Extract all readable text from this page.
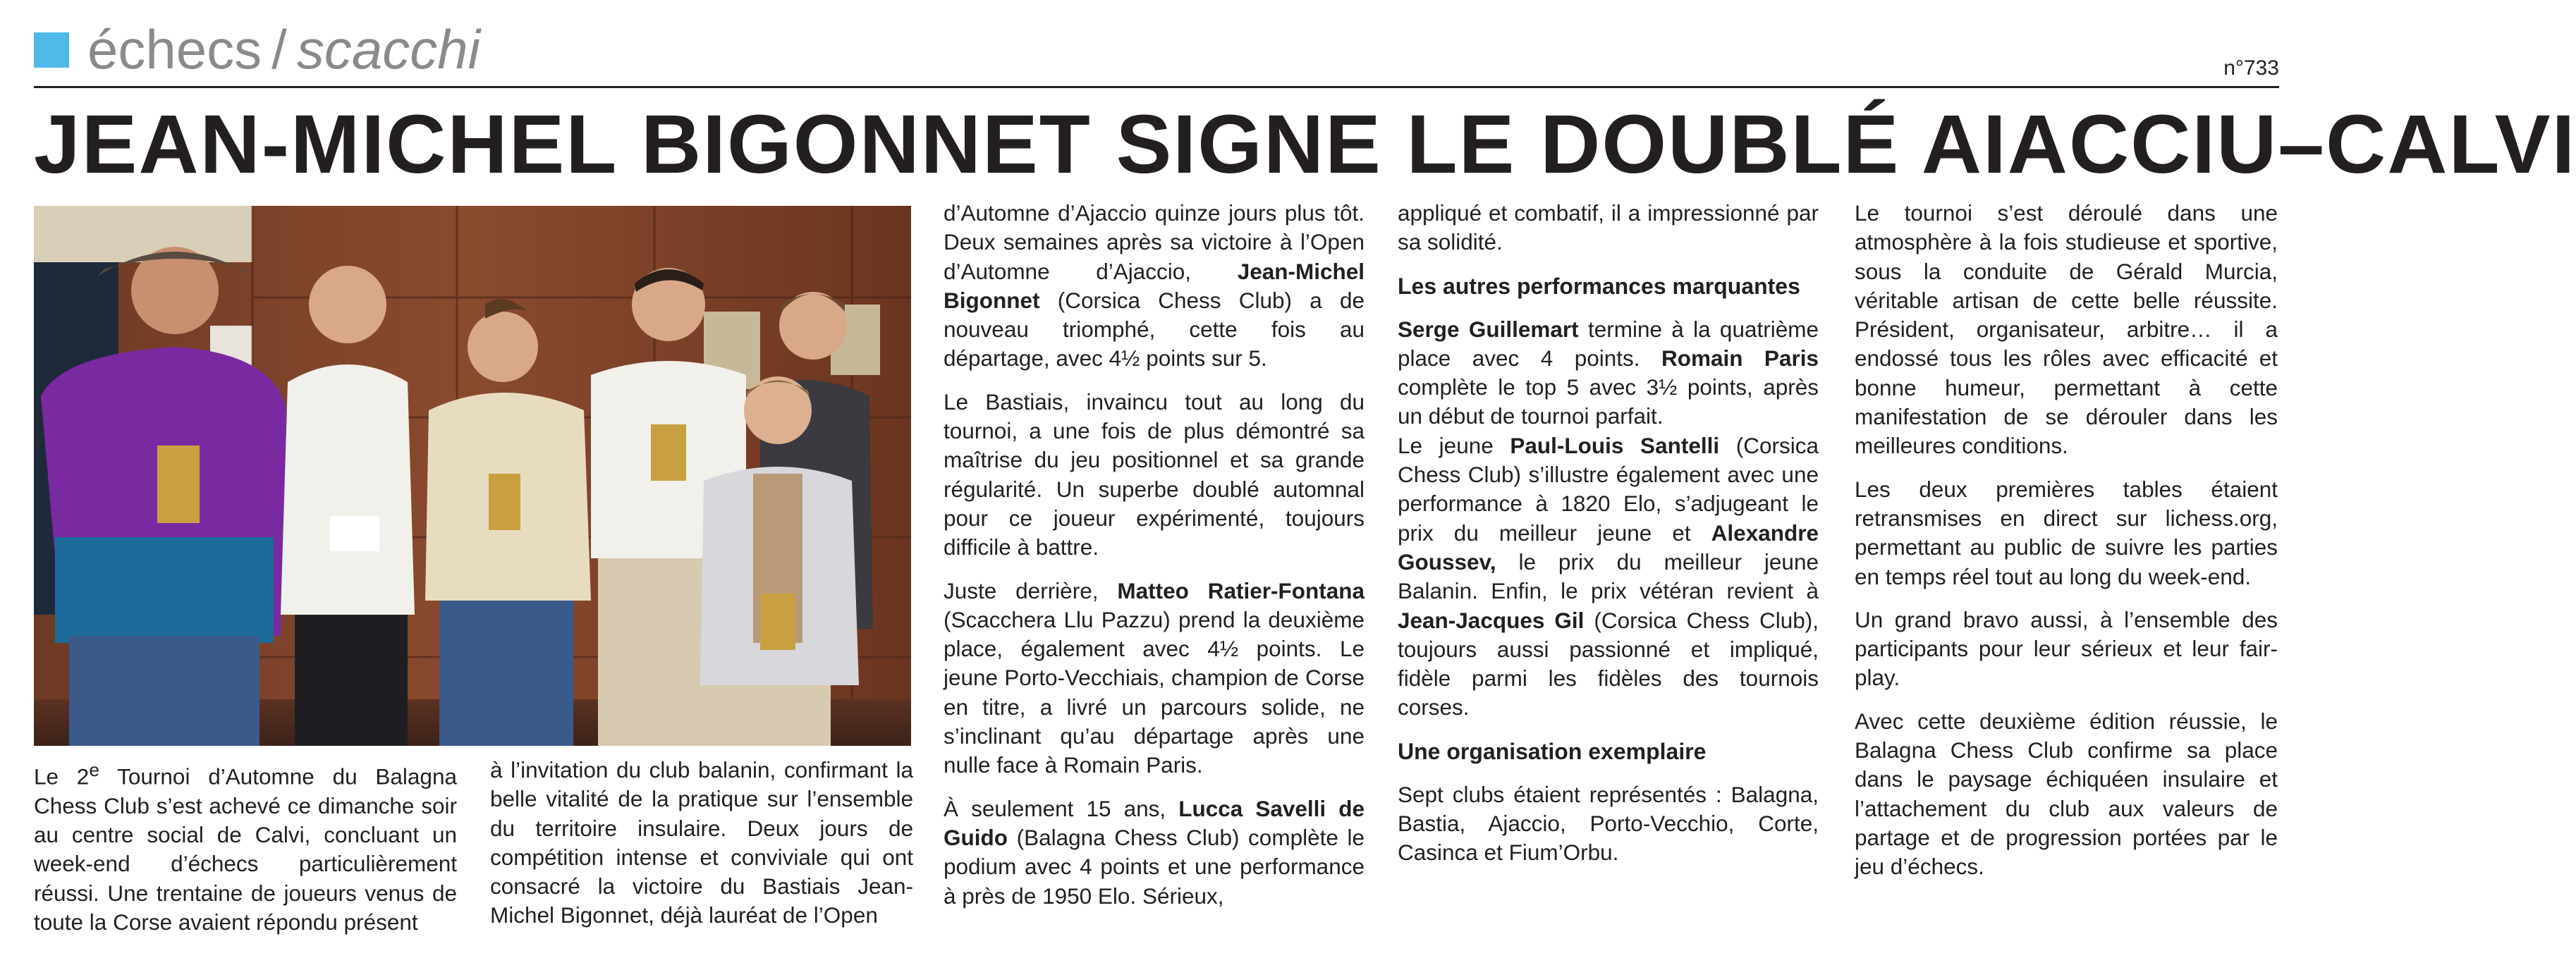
échecs / scacchi	n°733
JEAN-MICHEL BIGONNET SIGNE LE DOUBLÉ AIACCIU–CALVI

Le 2e Tournoi d’Automne du Balagna Chess Club s’est achevé ce dimanche soir au centre social de Calvi, concluant un week-end d’échecs particulièrement réussi. Une trentaine de joueurs venus de toute la Corse avaient répondu présent

à l’invitation du club balanin, confirmant la belle vitalité de la pratique sur l’ensemble du territoire insulaire. Deux jours de compétition intense et conviviale qui ont consacré la victoire du Bastiais Jean-Michel Bigonnet, déjà lauréat de l’Open

d’Automne d’Ajaccio quinze jours plus tôt. Deux semaines après sa victoire à l’Open d’Automne d’Ajaccio, Jean-Michel Bigonnet (Corsica Chess Club) a de nouveau triomphé, cette fois au départage, avec 4½ points sur 5.

Le Bastiais, invaincu tout au long du tournoi, a une fois de plus démontré sa maîtrise du jeu positionnel et sa grande régularité. Un superbe doublé automnal pour ce joueur expérimenté, toujours difficile à battre.

Juste derrière, Matteo Ratier-Fontana (Scacchera Llu Pazzu) prend la deuxième place, également avec 4½ points. Le jeune Porto-Vecchiais, champion de Corse en titre, a livré un parcours solide, ne s’inclinant qu’au départage après une nulle face à Romain Paris.

À seulement 15 ans, Lucca Savelli de Guido (Balagna Chess Club) complète le podium avec 4 points et une performance à près de 1950 Elo. Sérieux,

appliqué et combatif, il a impressionné par sa solidité.

Les autres performances marquantes

Serge Guillemart termine à la quatrième place avec 4 points. Romain Paris complète le top 5 avec 3½ points, après un début de tournoi parfait.

Le jeune Paul-Louis Santelli (Corsica Chess Club) s’illustre également avec une performance à 1820 Elo, s’adjugeant le prix du meilleur jeune et Alexandre Goussev, le prix du meilleur jeune Balanin. Enfin, le prix vétéran revient à Jean-Jacques Gil (Corsica Chess Club), toujours aussi passionné et impliqué, fidèle parmi les fidèles des tournois corses.

Une organisation exemplaire

Sept clubs étaient représentés : Balagna, Bastia, Ajaccio, Porto-Vecchio, Corte, Casinca et Fium’Orbu.

Le tournoi s’est déroulé dans une atmosphère à la fois studieuse et sportive, sous la conduite de Gérald Murcia, véritable artisan de cette belle réussite. Président, organisateur, arbitre… il a endossé tous les rôles avec efficacité et bonne humeur, permettant à cette manifestation de se dérouler dans les meilleures conditions.

Les deux premières tables étaient retransmises en direct sur lichess.org, permettant au public de suivre les parties en temps réel tout au long du week-end.

Un grand bravo aussi, à l’ensemble des participants pour leur sérieux et leur fair-play.

Avec cette deuxième édition réussie, le Balagna Chess Club confirme sa place dans le paysage échiquéen insulaire et l’attachement du club aux valeurs de partage et de progression portées par le jeu d’échecs.
